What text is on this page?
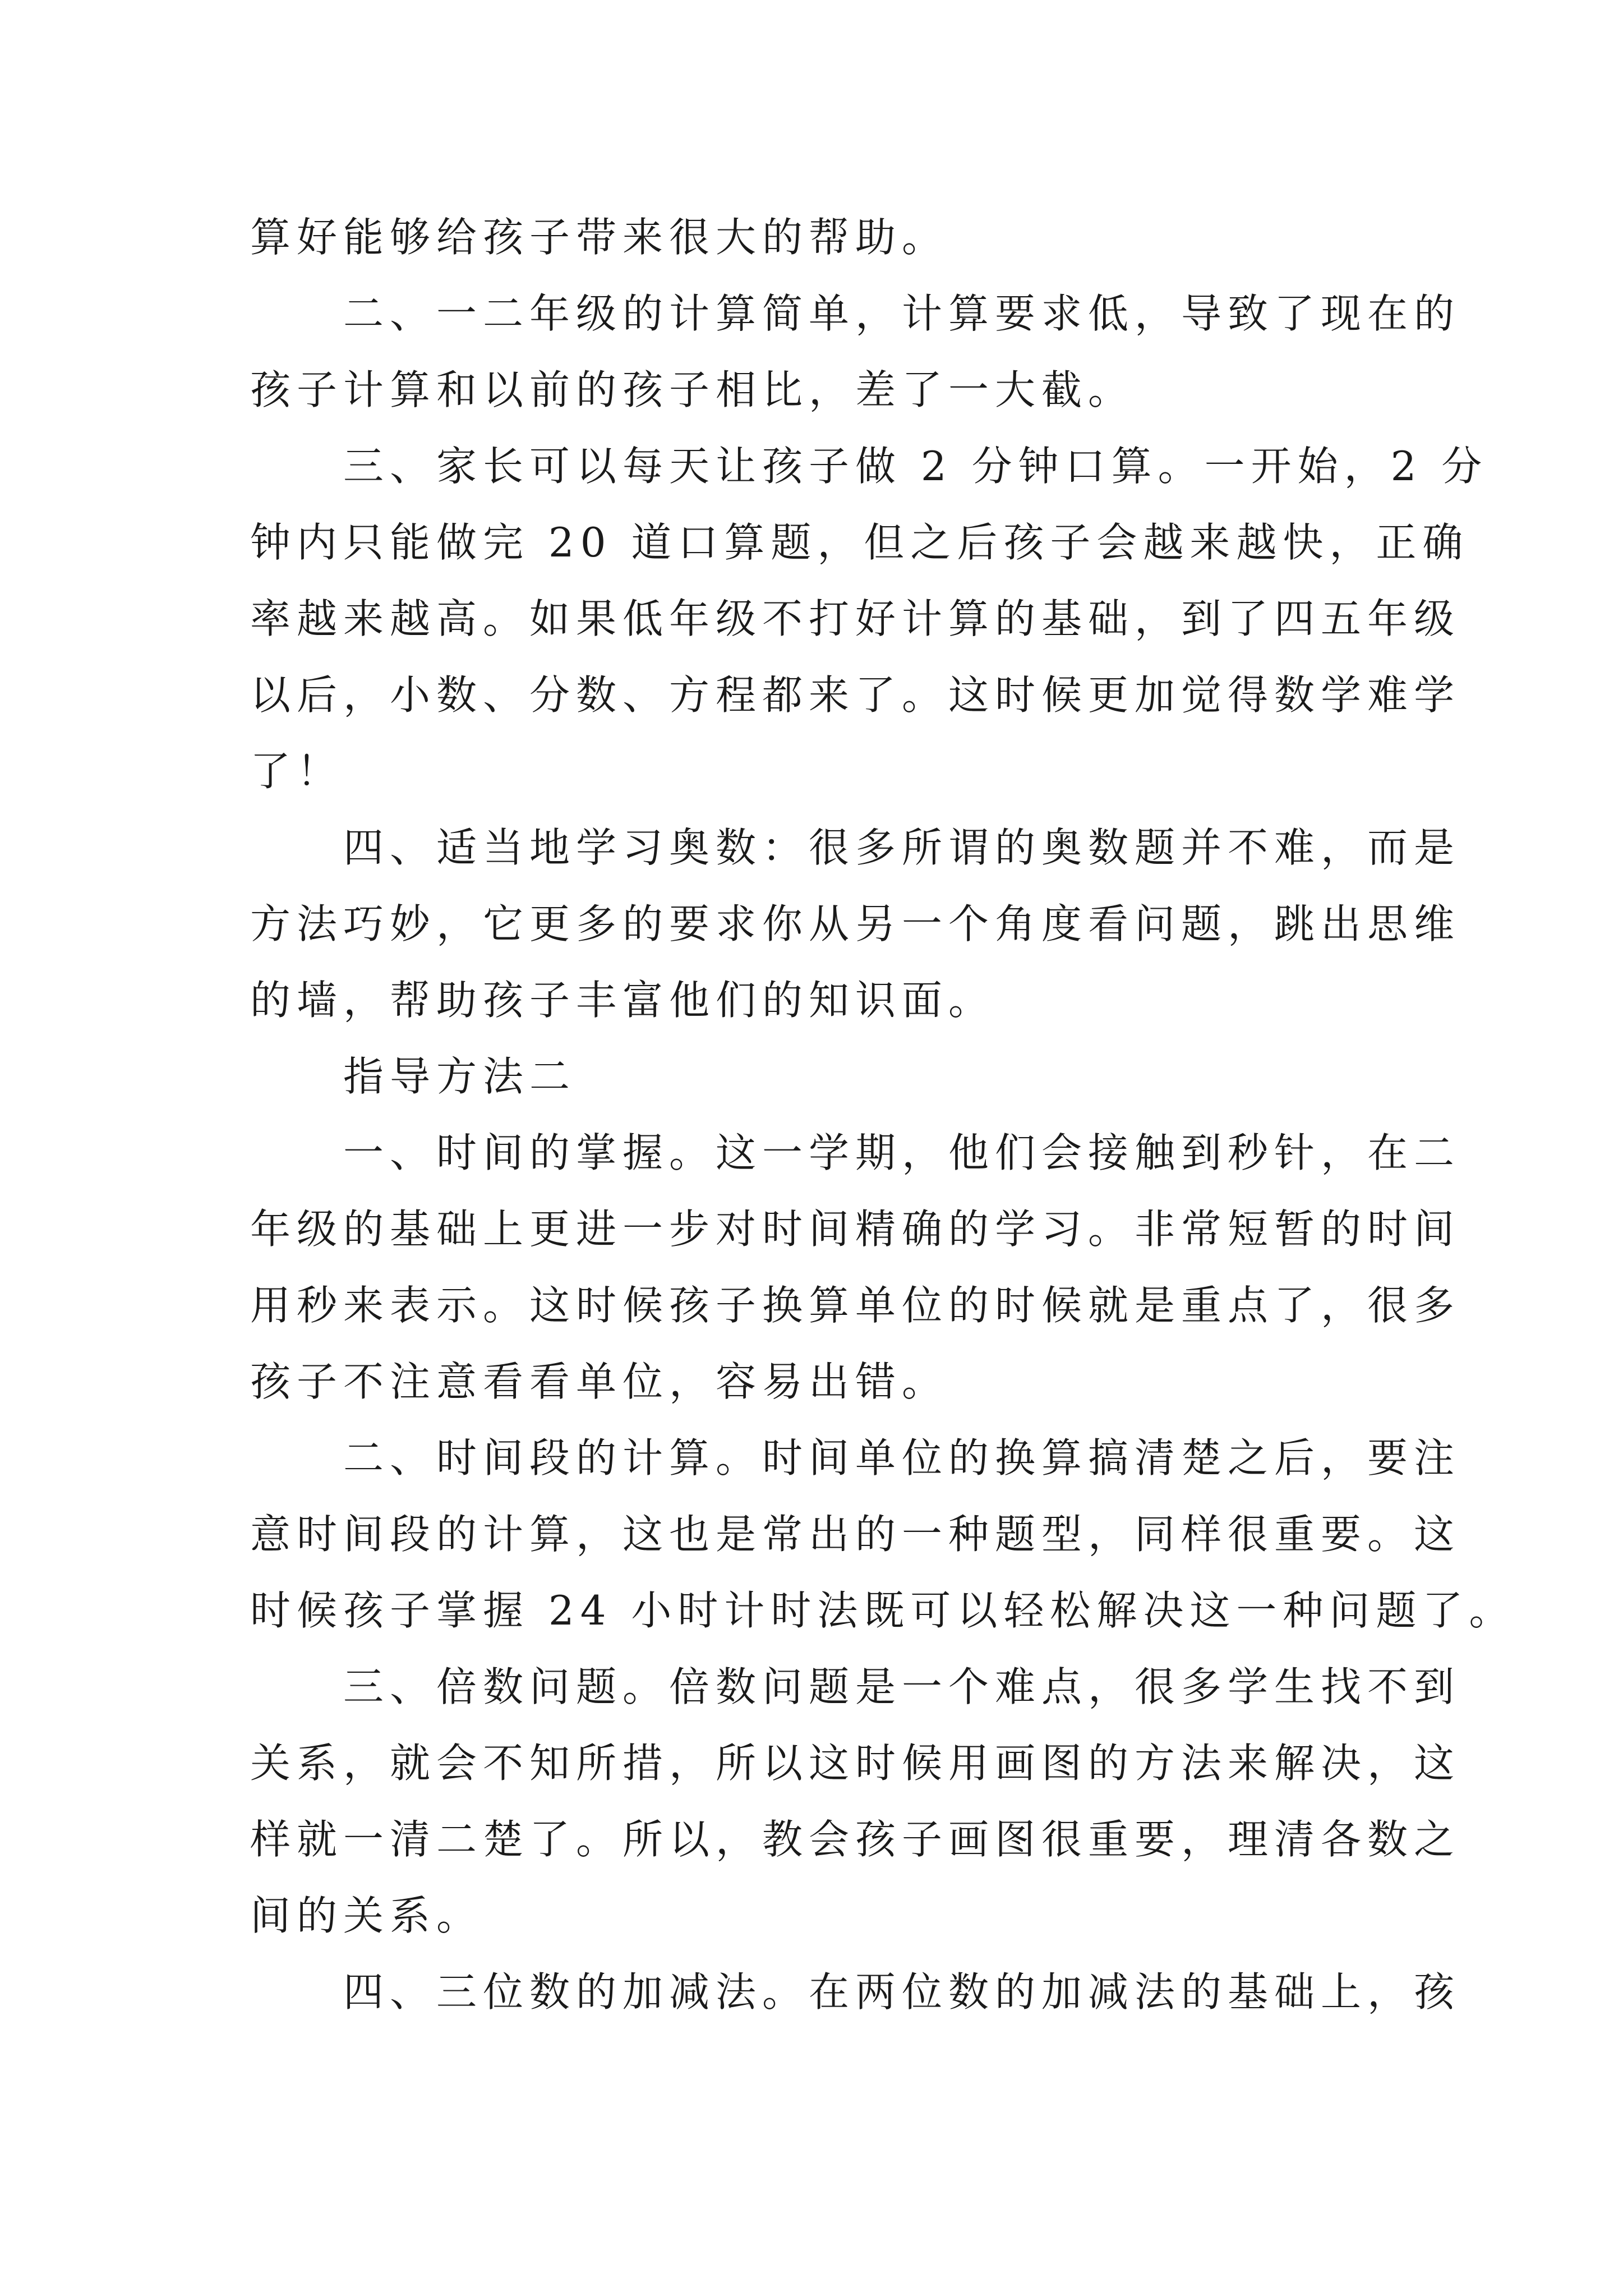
算好能够给孩子带来很大的帮助。
二、一二年级的计算简单，计算要求低，导致了现在的
孩子计算和以前的孩子相比，差了一大截。
三、家长可以每天让孩子做 2 分钟口算。一开始，2 分
钟内只能做完 20 道口算题，但之后孩子会越来越快，正确
率越来越高。如果低年级不打好计算的基础，到了四五年级
以后，小数、分数、方程都来了。这时候更加觉得数学难学
了！
四、适当地学习奥数：很多所谓的奥数题并不难，而是
方法巧妙，它更多的要求你从另一个角度看问题，跳出思维
的墙，帮助孩子丰富他们的知识面。
指导方法二
一、时间的掌握。这一学期，他们会接触到秒针，在二
年级的基础上更进一步对时间精确的学习。非常短暂的时间
用秒来表示。这时候孩子换算单位的时候就是重点了，很多
孩子不注意看看单位，容易出错。
二、时间段的计算。时间单位的换算搞清楚之后，要注
意时间段的计算，这也是常出的一种题型，同样很重要。这
时候孩子掌握 24 小时计时法既可以轻松解决这一种问题了。
三、倍数问题。倍数问题是一个难点，很多学生找不到
关系，就会不知所措，所以这时候用画图的方法来解决，这
样就一清二楚了。所以，教会孩子画图很重要，理清各数之
间的关系。
四、三位数的加减法。在两位数的加减法的基础上，孩
